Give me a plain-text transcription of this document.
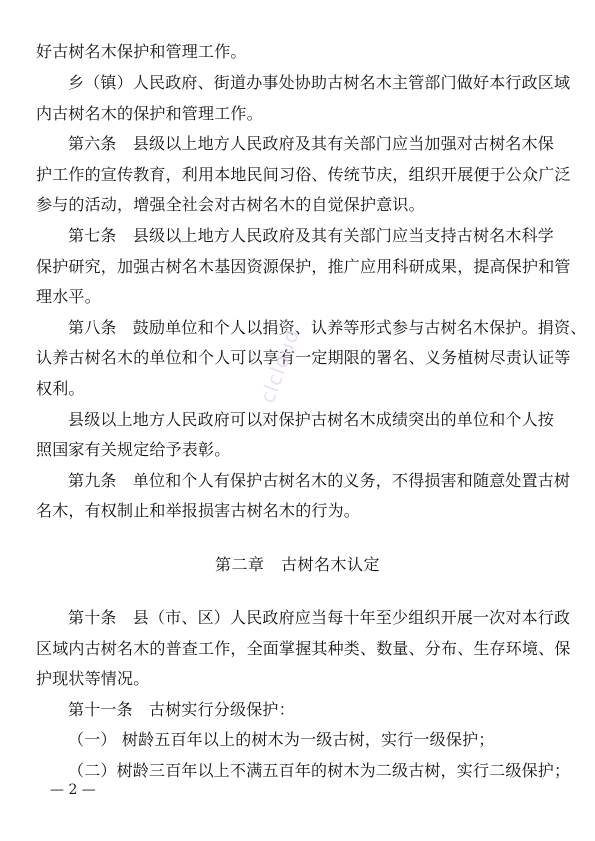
好古树名木保护和管理工作。
乡（镇）人民政府、街道办事处协助古树名木主管部门做好本行政区域
内古树名木的保护和管理工作。
第六条　县级以上地方人民政府及其有关部门应当加强对古树名木保
护工作的宣传教育，利用本地民间习俗、传统节庆，组织开展便于公众广泛
参与的活动，增强全社会对古树名木的自觉保护意识。
第七条　县级以上地方人民政府及其有关部门应当支持古树名木科学
保护研究，加强古树名木基因资源保护，推广应用科研成果，提高保护和管
理水平。
第八条　鼓励单位和个人以捐资、认养等形式参与古树名木保护。捐资、
认养古树名木的单位和个人可以享有一定期限的署名、义务植树尽责认证等
权利。
县级以上地方人民政府可以对保护古树名木成绩突出的单位和个人按
照国家有关规定给予表彰。
第九条　单位和个人有保护古树名木的义务，不得损害和随意处置古树
名木，有权制止和举报损害古树名木的行为。
第二章　古树名木认定
第十条　县（市、区）人民政府应当每十年至少组织开展一次对本行政
区域内古树名木的普查工作，全面掌握其种类、数量、分布、生存环境、保
护现状等情况。
第十一条　古树实行分级保护：
（一） 树龄五百年以上的树木为一级古树，实行一级保护；
（二）树龄三百年以上不满五百年的树木为二级古树，实行二级保护；
clcloud
— 2 —
